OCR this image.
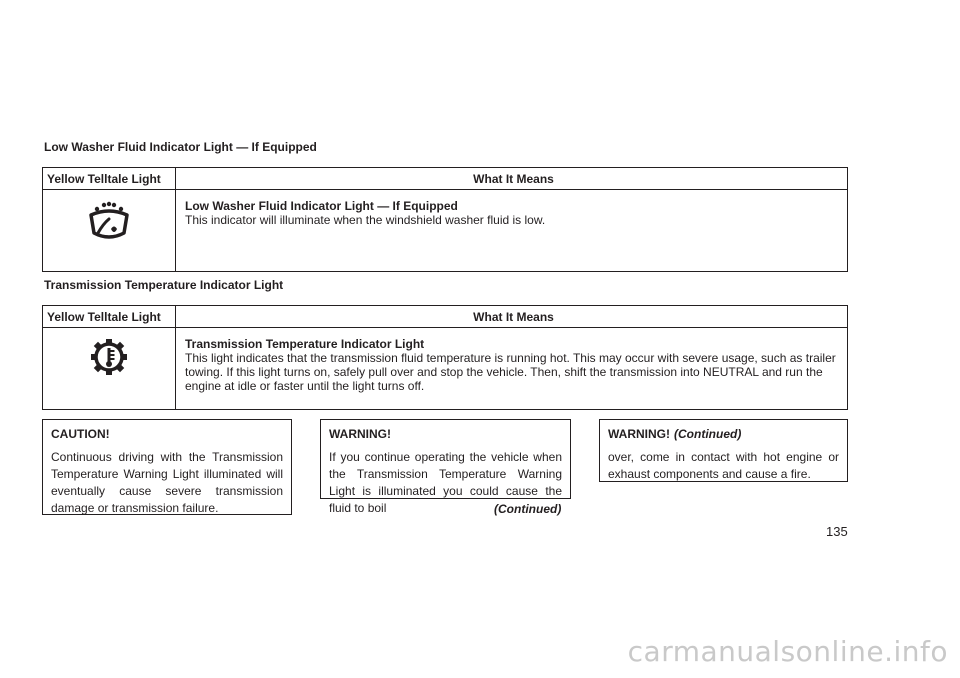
Low Washer Fluid Indicator Light — If Equipped
Yellow Telltale Light	What It Means

Low Washer Fluid Indicator Light — If Equipped
This indicator will illuminate when the windshield washer fluid is low.
Transmission Temperature Indicator Light
Yellow Telltale Light	What It Means

Transmission Temperature Indicator Light
This light indicates that the transmission fluid temperature is running hot. This may occur with severe usage, such as trailer towing. If this light turns on, safely pull over and stop the vehicle. Then, shift the transmission into NEUTRAL and run the engine at idle or faster until the light turns off.
CAUTION!
Continuous driving with the Transmission Temperature Warning Light illuminated will eventually cause severe transmission damage or transmission failure.
WARNING!
If you continue operating the vehicle when the Transmission Temperature Warning Light is illuminated you could cause the fluid to boil	(Continued)
WARNING! (Continued)
over, come in contact with hot engine or exhaust components and cause a fire.
135
carmanualsonline.info
